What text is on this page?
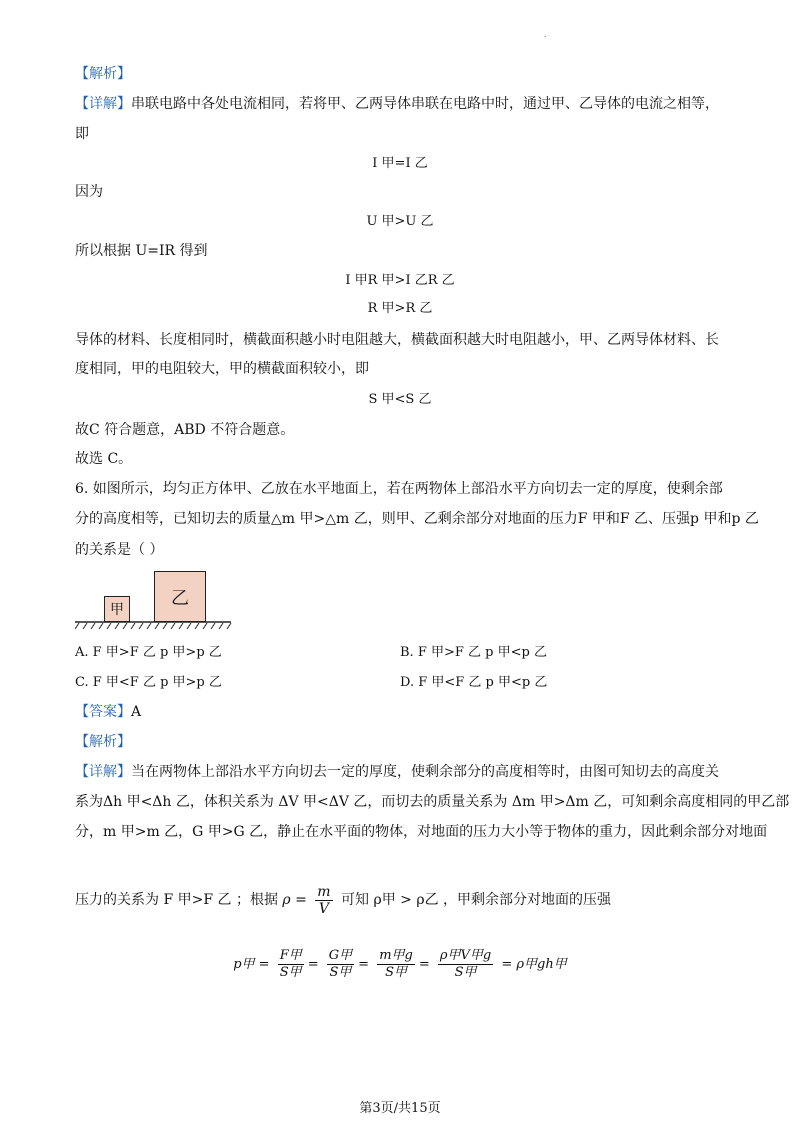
.
【解析】
【详解】串联电路中各处电流相同，若将甲、乙两导体串联在电路中时，通过甲、乙导体的电流之相等，
即
I 甲=I 乙
因为
U 甲>U 乙
所以根据 U=IR 得到
I 甲R 甲>I 乙R 乙
R 甲>R 乙
导体的材料、长度相同时，横截面积越小时电阻越大，横截面积越大时电阻越小，甲、乙两导体材料、长
度相同，甲的电阻较大，甲的横截面积较小，即
S 甲<S 乙
故C 符合题意，ABD 不符合题意。
故选 C。
6. 如图所示，均匀正方体甲、乙放在水平地面上，若在两物体上部沿水平方向切去一定的厚度，使剩余部
分的高度相等，已知切去的质量△m 甲>△m 乙，则甲、乙剩余部分对地面的压力F 甲和F 乙、压强p 甲和p 乙
的关系是（ ）
甲
乙
A. F 甲>F 乙 p 甲>p 乙	B. F 甲>F 乙 p 甲<p 乙
C. F 甲<F 乙 p 甲>p 乙	D. F 甲<F 乙 p 甲<p 乙
【答案】A
【解析】
【详解】当在两物体上部沿水平方向切去一定的厚度，使剩余部分的高度相等时，由图可知切去的高度关
系为Δh 甲<Δh 乙，体积关系为 ΔV 甲<ΔV 乙，而切去的质量关系为 Δm 甲>Δm 乙，可知剩余高度相同的甲乙部
分，m 甲>m 乙，G 甲>G 乙，静止在水平面的物体，对地面的压力大小等于物体的重力，因此剩余部分对地面
压力的关系为 F 甲>F 乙 ；根据 $\rho = \frac{m}{V}$ 可知 ρ甲 > ρ乙 ，甲剩余部分对地面的压强
p甲 = $\frac{\text{F甲}}{\text{S甲}} = \frac{\text{G甲}}{\text{S甲}} = \frac{\text{m甲g}}{\text{S甲}} = \frac{\text{ρ甲V甲g}}{\text{S甲}} = \rho$甲gh甲
第3页/共15页
